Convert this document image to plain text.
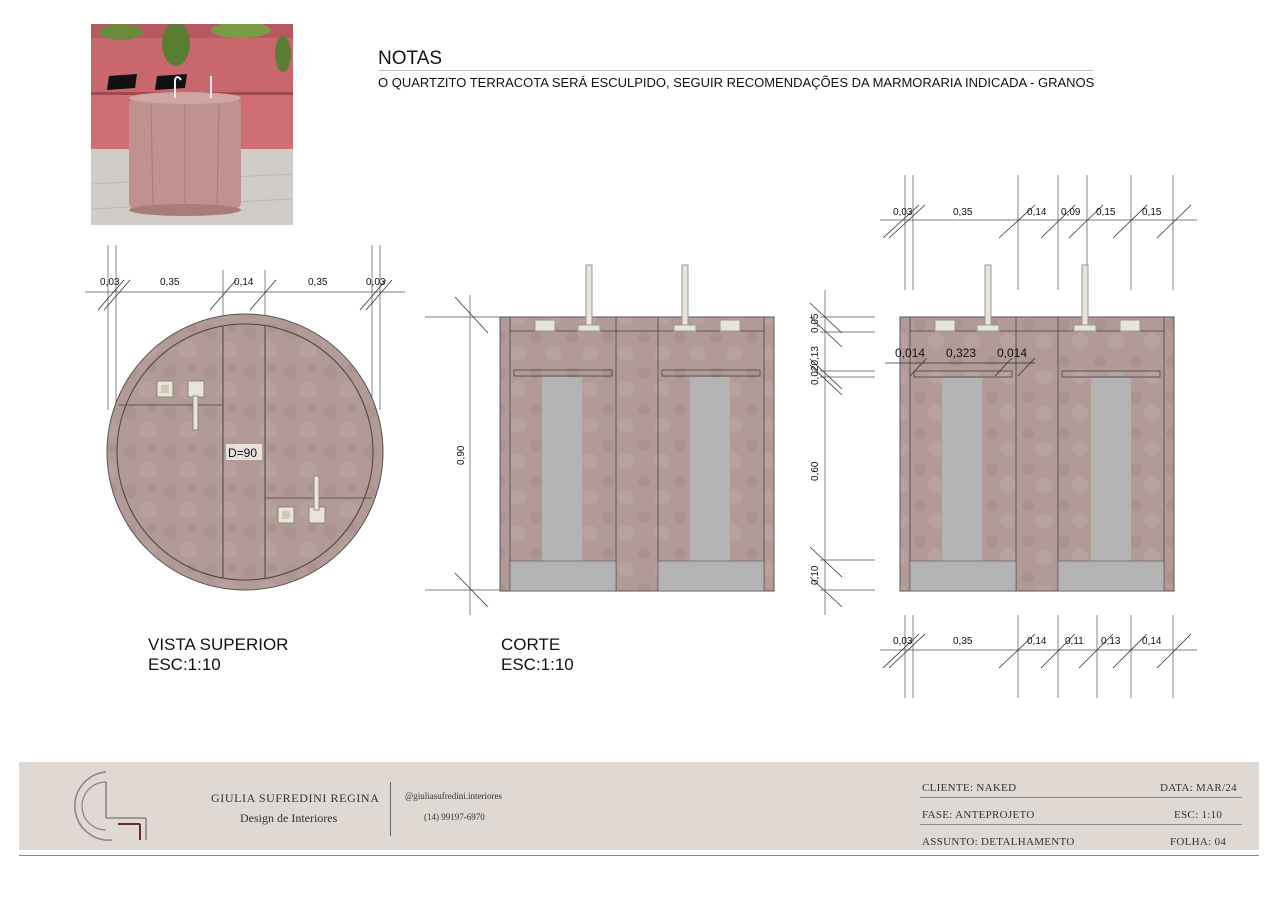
NOTAS
O QUARTZITO TERRACOTA SERÁ ESCULPIDO, SEGUIR RECOMENDAÇÕES DA MARMORARIA INDICADA - GRANOS
0,03	0,35	0,14	0,35	0,03
D=90
VISTA SUPERIOR
ESC:1:10
0,90
CORTE
ESC:1:10
0,05
0,020,13
0,60
0,10
0,03	0,35	0,14 0,09 0,15	0,15
0,014 0,323 0,014
0,03	0,35	0,14 0,11 0,13 0,14
GIULIA SUFREDINI REGINA
Design de Interiores
@giuliasufredini.interiores
(14) 99197-6970
CLIENTE: NAKED	DATA: MAR/24
FASE: ANTEPROJETO	ESC: 1:10
ASSUNTO: DETALHAMENTO	FOLHA: 04
